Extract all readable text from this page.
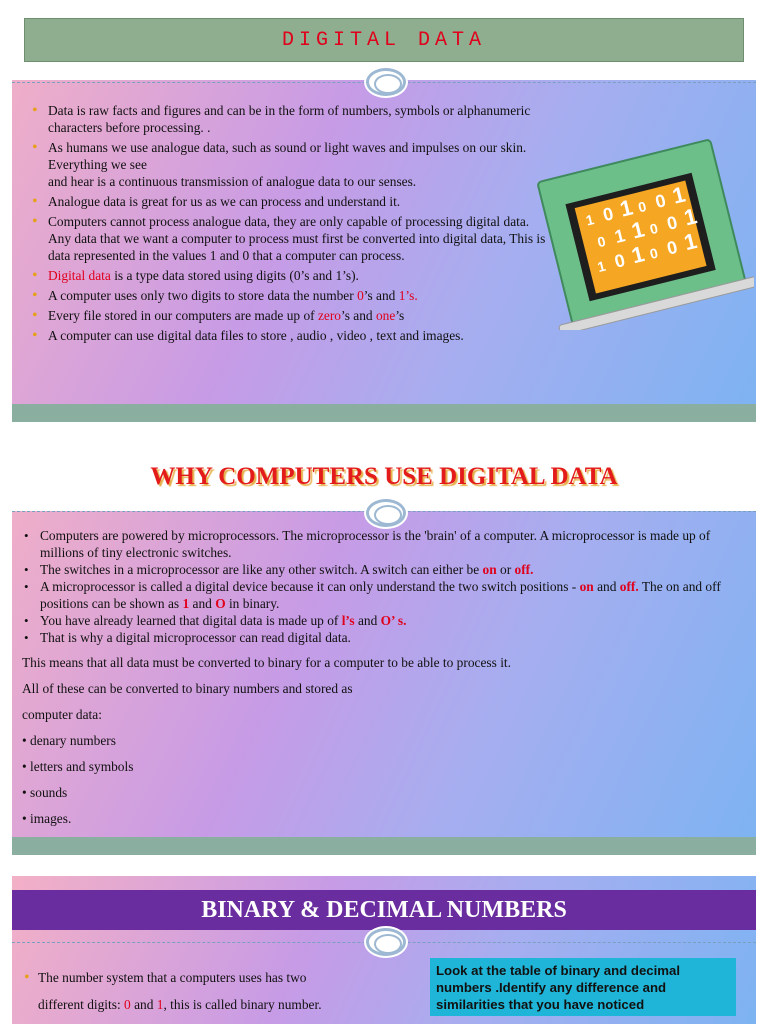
DIGITAL DATA
• Data is raw facts and figures and can be in the form of numbers, symbols or alphanumeric characters before processing. .
• As humans we use analogue data, such as sound or light waves and impulses on our skin. Everything we see
and hear is a continuous transmission of analogue data to our senses.
• Analogue data is great for us as we can process and understand it.
• Computers cannot process analogue data, they are only capable of processing digital data. Any data that we want a computer to process must first be converted into digital data, This is data represented in the values 1 and 0 that a computer can process.
• Digital data is a type data stored using digits (0’s and 1’s).
• A computer uses only two digits to store data the number 0’s and 1’s.
• Every file stored in our computers are made up of zero’s and one’s
• A computer can use digital data files to store , audio , video , text and images.
1 0 1 0 0 1
0 1 1 0 0 1
1 0 1 0 0 1
WHY COMPUTERS USE DIGITAL DATA
• Computers are powered by microprocessors. The microprocessor is the 'brain' of a computer. A microprocessor is made up of millions of tiny electronic switches.
• The switches in a microprocessor are like any other switch. A switch can either be on or off.
• A microprocessor is called a digital device because it can only understand the two switch positions - on and off. The on and off positions can be shown as 1 and O in binary.
• You have already learned that digital data is made up of l’s and O’ s.
• That is why a digital microprocessor can read digital data.

This means that all data must be converted to binary for a computer to be able to process it.

All of these can be converted to binary numbers and stored as

computer data:

• denary numbers

• letters and symbols

• sounds

• images.

BINARY & DECIMAL NUMBERS
• The number system that a computers uses has two
different digits: 0 and 1, this is called binary number.
Look at the table of binary and decimal numbers .Identify any difference and similarities that you have noticed
